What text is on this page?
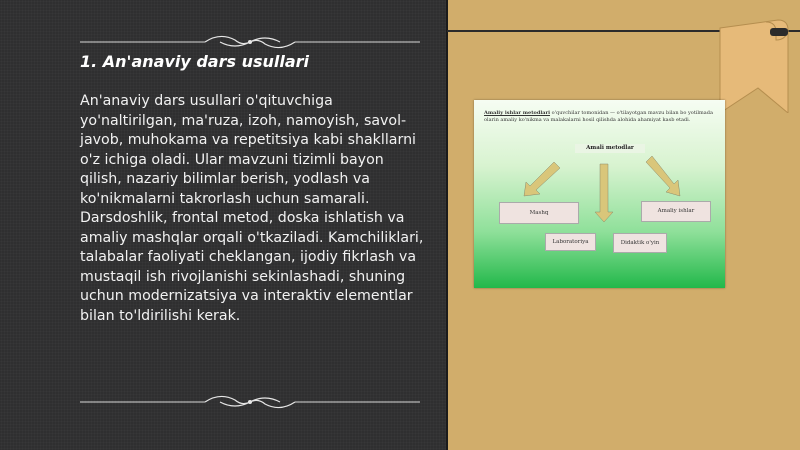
1. An'anaviy dars usullari

An'anaviy dars usullari o'qituvchiga yo'naltirilgan, ma'ruza, izoh, namoyish, savol-javob, muhokama va repetitsiya kabi shakllarni o'z ichiga oladi. Ular mavzuni tizimli bayon qilish, nazariy bilimlar berish, yodlash va ko'nikmalarni takrorlash uchun samarali. Darsdoshlik, frontal metod, doska ishlatish va amaliy mashqlar orqali o'tkaziladi. Kamchiliklari, talabalar faoliyati cheklangan, ijodiy fikrlash va mustaqil ish rivojlanishi sekinlashadi, shuning uchun modernizatsiya va interaktiv elementlar bilan to'ldirilishi kerak.

Amaliy ishlar metodlari o'quvchilar tomonidan — o'tilayotgan mavzu bilan bo yotilmada olarin amaliy ko'nikma va malakalarni hosil qilishda alohida ahamiyat kasb etadi.

Amali metodlar
Mashq	Amaliy ishlar
Laboratoriya	Didaktik o'yin
